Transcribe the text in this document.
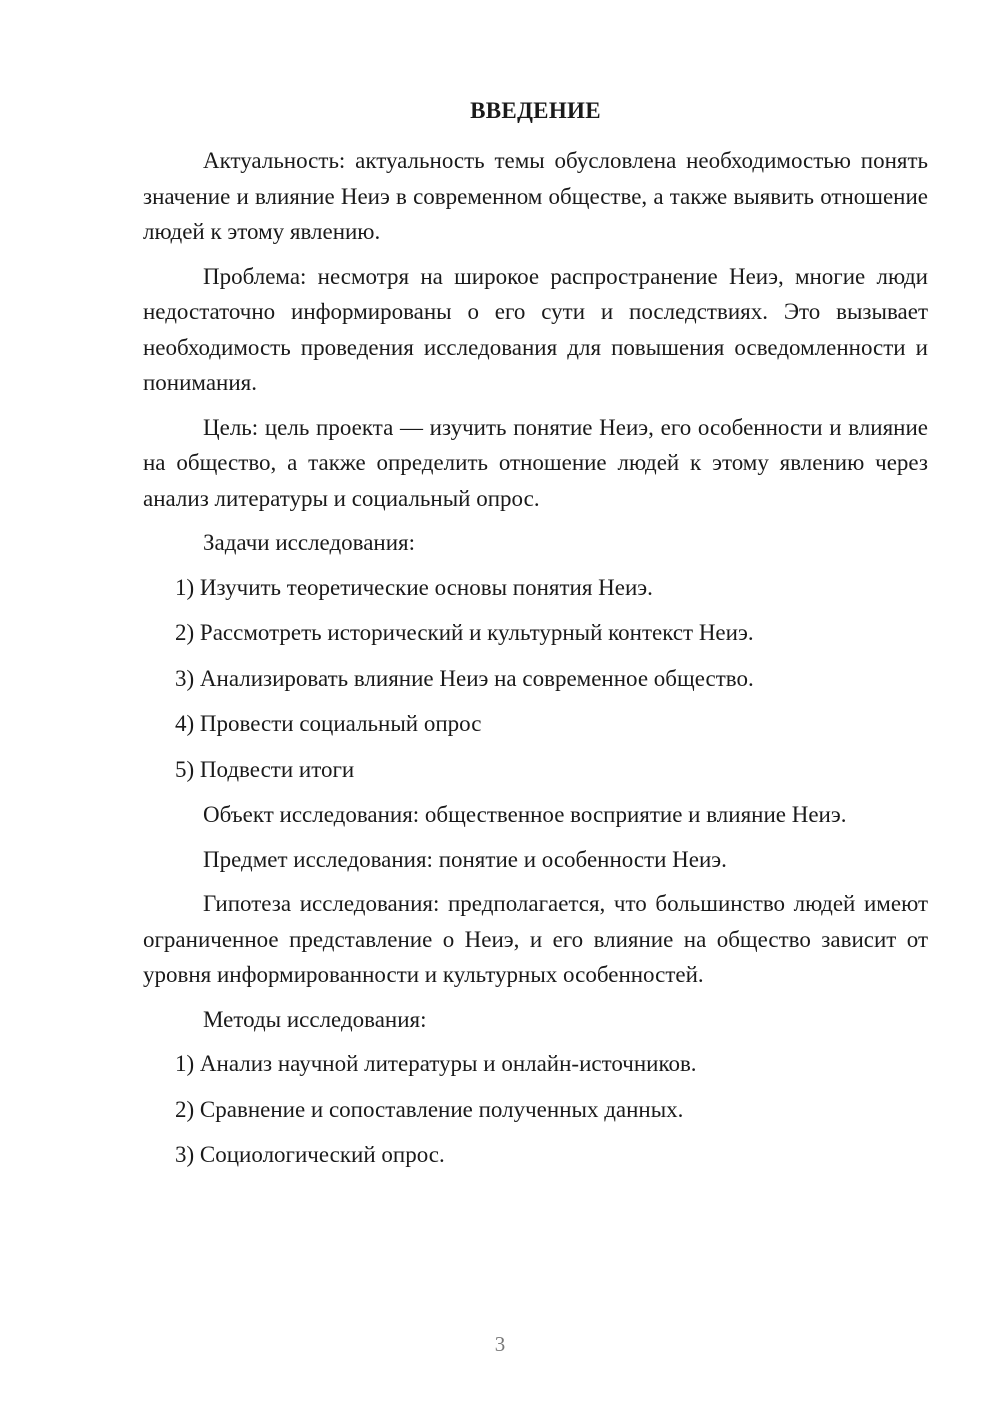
ВВЕДЕНИЕ

Актуальность: актуальность темы обусловлена необходимостью понять значение и влияние Неиэ в современном обществе, а также выявить отношение людей к этому явлению.

Проблема: несмотря на широкое распространение Неиэ, многие люди недостаточно информированы о его сути и последствиях. Это вызывает необходимость проведения исследования для повышения осведомленности и понимания.

Цель: цель проекта — изучить понятие Неиэ, его особенности и влияние на общество, а также определить отношение людей к этому явлению через анализ литературы и социальный опрос.

Задачи исследования:

1) Изучить теоретические основы понятия Неиэ.

2) Рассмотреть исторический и культурный контекст Неиэ.

3) Анализировать влияние Неиэ на современное общество.

4) Провести социальный опрос

5) Подвести итоги

Объект исследования: общественное восприятие и влияние Неиэ.

Предмет исследования: понятие и особенности Неиэ.

Гипотеза исследования: предполагается, что большинство людей имеют ограниченное представление о Неиэ, и его влияние на общество зависит от уровня информированности и культурных особенностей.

Методы исследования:

1) Анализ научной литературы и онлайн-источников.

2) Сравнение и сопоставление полученных данных.

3) Социологический опрос.

3
